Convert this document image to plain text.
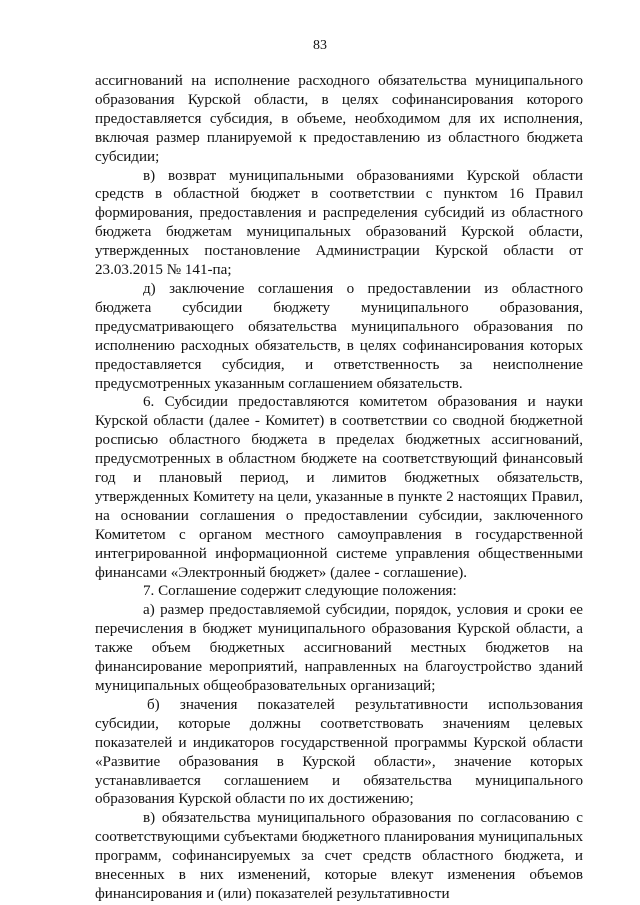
83

ассигнований на исполнение расходного обязательства муниципального образования Курской области, в целях софинансирования которого предоставляется субсидия, в объеме, необходимом для их исполнения, включая размер планируемой к предоставлению из областного бюджета субсидии;

в) возврат муниципальными образованиями Курской области средств в областной бюджет в соответствии с пунктом 16 Правил формирования, предоставления и распределения субсидий из областного бюджета бюджетам муниципальных образований Курской области, утвержденных постановление Администрации Курской области от 23.03.2015 № 141-па;

д) заключение соглашения о предоставлении из областного бюджета субсидии бюджету муниципального образования, предусматривающего обязательства муниципального образования по исполнению расходных обязательств, в целях софинансирования которых предоставляется субсидия, и ответственность за неисполнение предусмотренных указанным соглашением обязательств.

6. Субсидии предоставляются комитетом образования и науки Курской области (далее - Комитет) в соответствии со сводной бюджетной росписью областного бюджета в пределах бюджетных ассигнований, предусмотренных в областном бюджете на соответствующий финансовый год и плановый период, и лимитов бюджетных обязательств, утвержденных Комитету на цели, указанные в пункте 2 настоящих Правил, на основании соглашения о предоставлении субсидии, заключенного Комитетом с органом местного самоуправления в государственной интегрированной информационной системе управления общественными финансами «Электронный бюджет» (далее - соглашение).

7. Соглашение содержит следующие положения:

а) размер предоставляемой субсидии, порядок, условия и сроки ее перечисления в бюджет муниципального образования Курской области, а также объем бюджетных ассигнований местных бюджетов на финансирование мероприятий, направленных на благоустройство зданий муниципальных общеобразовательных организаций;

б) значения показателей результативности использования субсидии, которые должны соответствовать значениям целевых показателей и индикаторов государственной программы Курской области «Развитие образования в Курской области», значение которых устанавливается соглашением и обязательства муниципального образования Курской области по их достижению;

в) обязательства муниципального образования по согласованию с соответствующими субъектами бюджетного планирования муниципальных программ, софинансируемых за счет средств областного бюджета, и внесенных в них изменений, которые влекут изменения объемов финансирования и (или) показателей результативности
